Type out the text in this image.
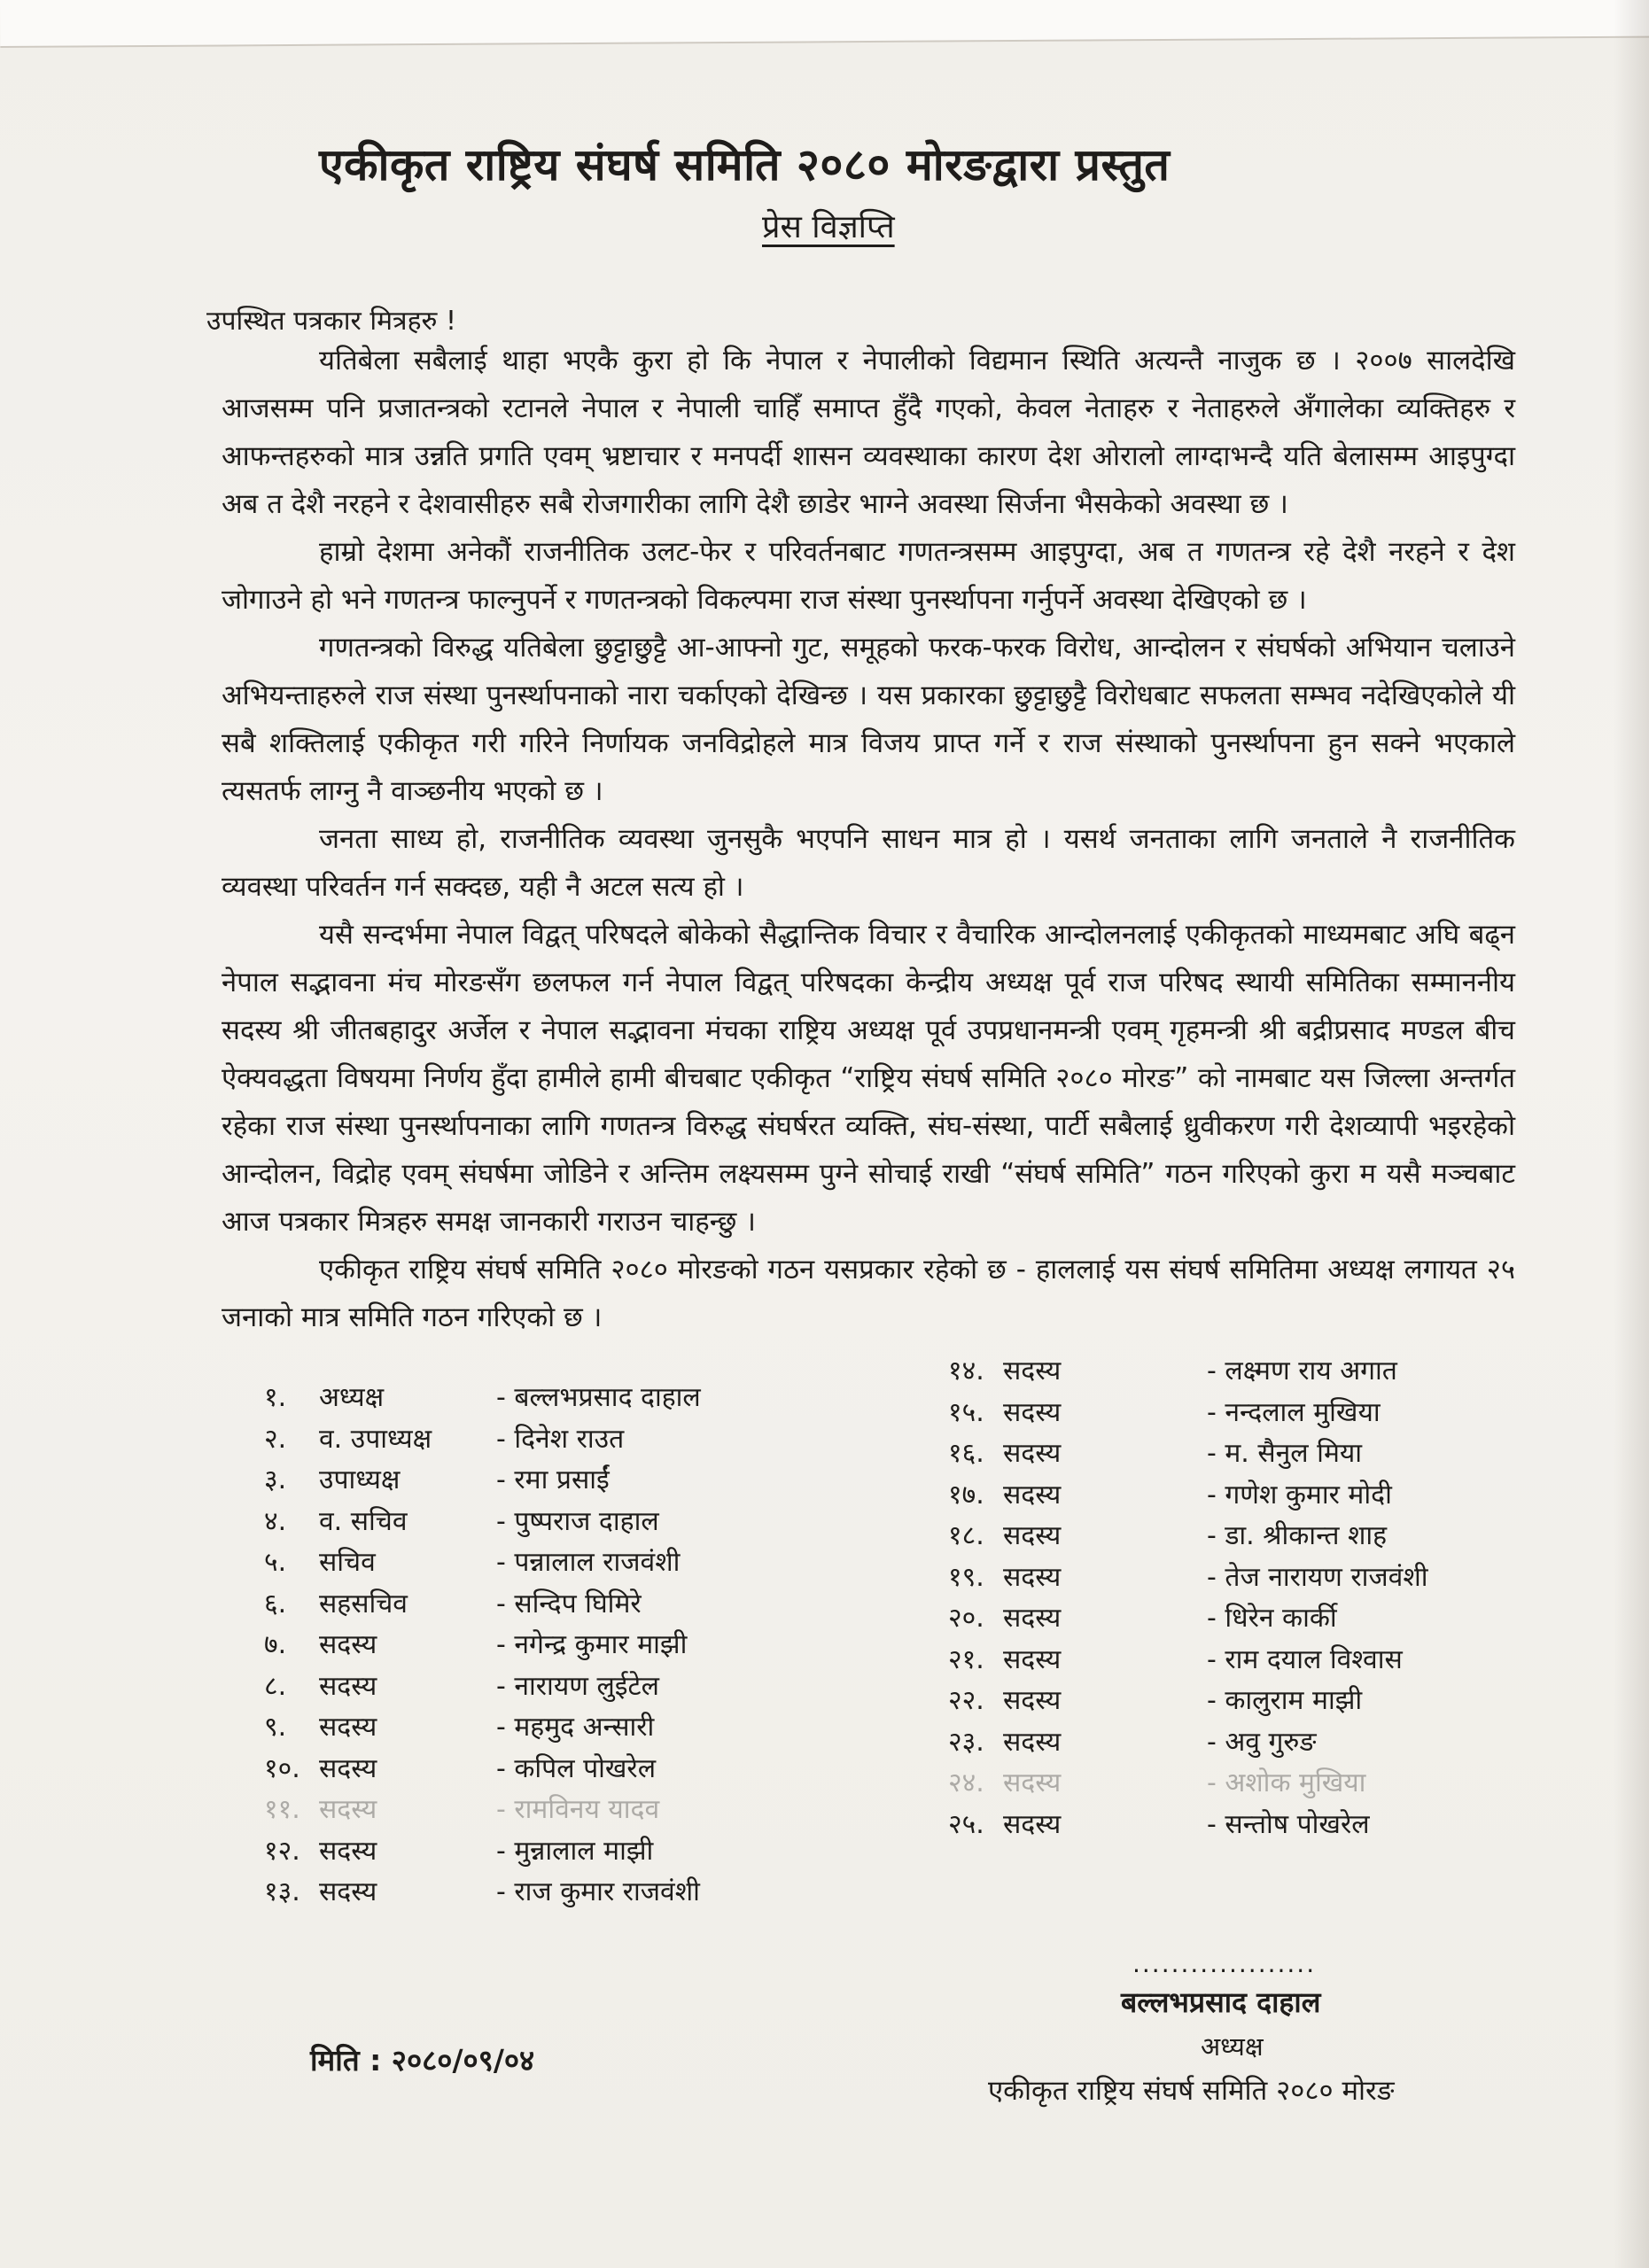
एकीकृत राष्ट्रिय संघर्ष समिति २०८० मोरङद्वारा प्रस्तुत
प्रेस विज्ञप्ति
उपस्थित पत्रकार मित्रहरु !

यतिबेला सबैलाई थाहा भएकै कुरा हो कि नेपाल र नेपालीको विद्यमान स्थिति अत्यन्तै नाजुक छ । २००७ सालदेखि आजसम्म पनि प्रजातन्त्रको रटानले नेपाल र नेपाली चाहिँ समाप्त हुँदै गएको, केवल नेताहरु र नेताहरुले अँगालेका व्यक्तिहरु र आफन्तहरुको मात्र उन्नति प्रगति एवम् भ्रष्टाचार र मनपर्दी शासन व्यवस्थाका कारण देश ओरालो लाग्दाभन्दै यति बेलासम्म आइपुग्दा अब त देशै नरहने र देशवासीहरु सबै रोजगारीका लागि देशै छाडेर भाग्ने अवस्था सिर्जना भैसकेको अवस्था छ ।

हाम्रो देशमा अनेकौं राजनीतिक उलट-फेर र परिवर्तनबाट गणतन्त्रसम्म आइपुग्दा, अब त गणतन्त्र रहे देशै नरहने र देश जोगाउने हो भने गणतन्त्र फाल्नुपर्ने र गणतन्त्रको विकल्पमा राज संस्था पुनर्स्थापना गर्नुपर्ने अवस्था देखिएको छ ।

गणतन्त्रको विरुद्ध यतिबेला छुट्टाछुट्टै आ-आफ्नो गुट, समूहको फरक-फरक विरोध, आन्दोलन र संघर्षको अभियान चलाउने अभियन्ताहरुले राज संस्था पुनर्स्थापनाको नारा चर्काएको देखिन्छ । यस प्रकारका छुट्टाछुट्टै विरोधबाट सफलता सम्भव नदेखिएकोले यी सबै शक्तिलाई एकीकृत गरी गरिने निर्णायक जनविद्रोहले मात्र विजय प्राप्त गर्ने र राज संस्थाको पुनर्स्थापना हुन सक्ने भएकाले त्यसतर्फ लाग्नु नै वाञ्छनीय भएको छ ।

जनता साध्य हो, राजनीतिक व्यवस्था जुनसुकै भएपनि साधन मात्र हो । यसर्थ जनताका लागि जनताले नै राजनीतिक व्यवस्था परिवर्तन गर्न सक्दछ, यही नै अटल सत्य हो ।

यसै सन्दर्भमा नेपाल विद्वत् परिषदले बोकेको सैद्धान्तिक विचार र वैचारिक आन्दोलनलाई एकीकृतको माध्यमबाट अघि बढ्न नेपाल सद्भावना मंच मोरङसँग छलफल गर्न नेपाल विद्वत् परिषदका केन्द्रीय अध्यक्ष पूर्व राज परिषद स्थायी समितिका सम्माननीय सदस्य श्री जीतबहादुर अर्जेल र नेपाल सद्भावना मंचका राष्ट्रिय अध्यक्ष पूर्व उपप्रधानमन्त्री एवम् गृहमन्त्री श्री बद्रीप्रसाद मण्डल बीच ऐक्यवद्धता विषयमा निर्णय हुँदा हामीले हामी बीचबाट एकीकृत “राष्ट्रिय संघर्ष समिति २०८० मोरङ” को नामबाट यस जिल्ला अन्तर्गत रहेका राज संस्था पुनर्स्थापनाका लागि गणतन्त्र विरुद्ध संघर्षरत व्यक्ति, संघ-संस्था, पार्टी सबैलाई ध्रुवीकरण गरी देशव्यापी भइरहेको आन्दोलन, विद्रोह एवम् संघर्षमा जोडिने र अन्तिम लक्ष्यसम्म पुग्ने सोचाई राखी “संघर्ष समिति” गठन गरिएको कुरा म यसै मञ्चबाट आज पत्रकार मित्रहरु समक्ष जानकारी गराउन चाहन्छु ।

एकीकृत राष्ट्रिय संघर्ष समिति २०८० मोरङको गठन यसप्रकार रहेको छ - हाललाई यस संघर्ष समितिमा अध्यक्ष लगायत २५ जनाको मात्र समिति गठन गरिएको छ ।

१. अध्यक्ष	- बल्लभप्रसाद दाहाल
२. व. उपाध्यक्ष - दिनेश राउत
३. उपाध्यक्ष	- रमा प्रसाईं
४. व. सचिव	- पुष्पराज दाहाल
५. सचिव	- पन्नालाल राजवंशी
६. सहसचिव	- सन्दिप घिमिरे
७. सदस्य	- नगेन्द्र कुमार माझी
८. सदस्य	- नारायण लुईटेल
९. सदस्य	- महमुद अन्सारी
१०. सदस्य	- कपिल पोखरेल
११. सदस्य	- रामविनय यादव
१२. सदस्य	- मुन्नालाल माझी
१३. सदस्य	- राज कुमार राजवंशी
१४. सदस्य	- लक्ष्मण राय अगात
१५. सदस्य	- नन्दलाल मुखिया
१६. सदस्य	- म. सैनुल मिया
१७. सदस्य	- गणेश कुमार मोदी
१८. सदस्य	- डा. श्रीकान्त शाह
१९. सदस्य	- तेज नारायण राजवंशी
२०. सदस्य	- धिरेन कार्की
२१. सदस्य	- राम दयाल विश्वास
२२. सदस्य	- कालुराम माझी
२३. सदस्य	- अवु गुरुङ
२४. सदस्य	- अशोक मुखिया
२५. सदस्य	- सन्तोष पोखरेल
...................
बल्लभप्रसाद दाहाल
अध्यक्ष
एकीकृत राष्ट्रिय संघर्ष समिति २०८० मोरङ
मिति : २०८०/०९/०४
